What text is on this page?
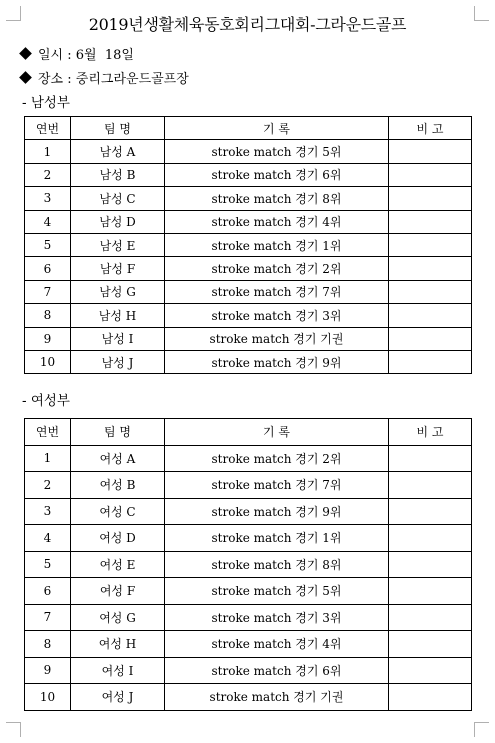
2019년생활체육동호회리그대회-그라운드골프
일시 :
6월  18일
장소 :
중리그라운드골프장
- 남성부
연번	팀 명	기 록	비 고
1	남성 A	stroke match 경기 5위	
2	남성 B	stroke match 경기 6위	
3	남성 C	stroke match 경기 8위	
4	남성 D	stroke match 경기 4위	
5	남성 E	stroke match 경기 1위	
6	남성 F	stroke match 경기 2위	
7	남성 G	stroke match 경기 7위	
8	남성 H	stroke match 경기 3위	
9	남성 I	stroke match 경기 기권	
10	남성 J	stroke match 경기 9위	
- 여성부
연번	팀 명	기 록	비 고
1	여성 A	stroke match 경기 2위	
2	여성 B	stroke match 경기 7위	
3	여성 C	stroke match 경기 9위	
4	여성 D	stroke match 경기 1위	
5	여성 E	stroke match 경기 8위	
6	여성 F	stroke match 경기 5위	
7	여성 G	stroke match 경기 3위	
8	여성 H	stroke match 경기 4위	
9	여성 I	stroke match 경기 6위	
10	여성 J	stroke match 경기 기권	
